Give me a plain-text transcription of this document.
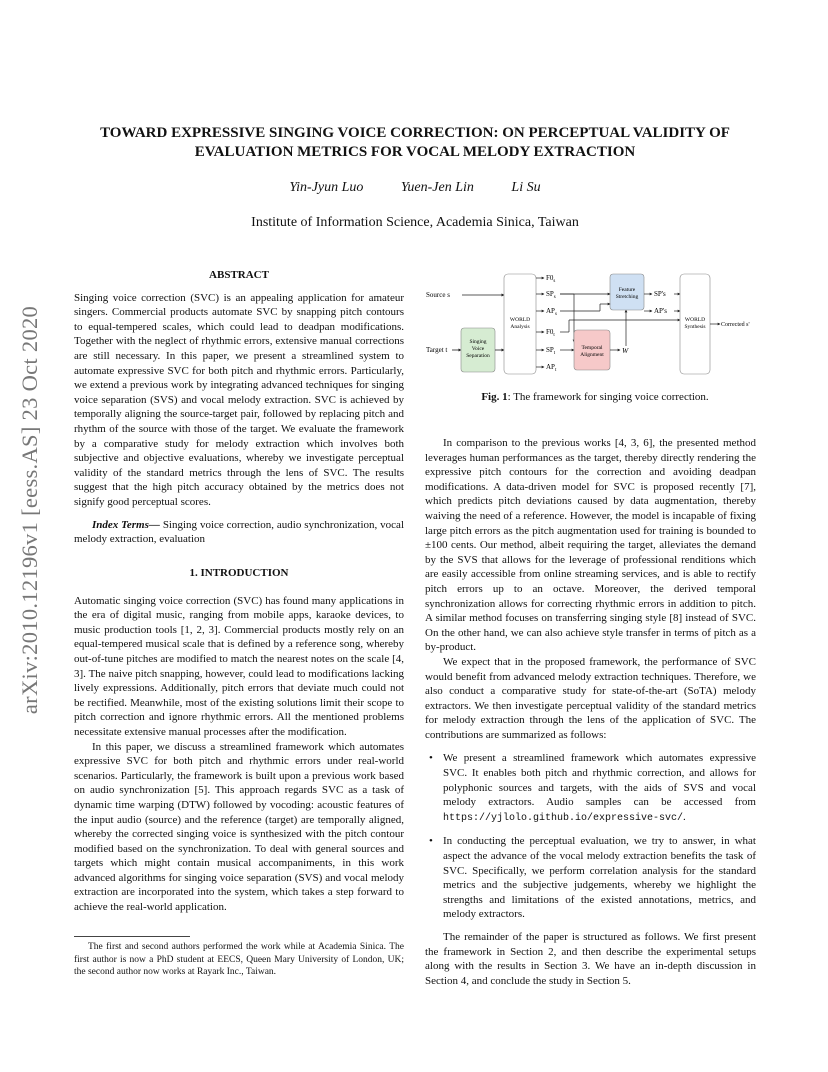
arXiv:2010.12196v1 [eess.AS] 23 Oct 2020
TOWARD EXPRESSIVE SINGING VOICE CORRECTION: ON PERCEPTUAL VALIDITY OF
EVALUATION METRICS FOR VOCAL MELODY EXTRACTION
Yin-Jyun Luo	Yuen-Jen Lin	Li Su
Institute of Information Science, Academia Sinica, Taiwan
ABSTRACT

Singing voice correction (SVC) is an appealing application for amateur singers. Commercial products automate SVC by snapping pitch contours to equal-tempered scales, which could lead to deadpan modifications. Together with the neglect of rhythmic errors, extensive manual corrections are still necessary. In this paper, we present a streamlined system to automate expressive SVC for both pitch and rhythmic errors. Particularly, we extend a previous work by integrating advanced techniques for singing voice separation (SVS) and vocal melody extraction. SVC is achieved by temporally aligning the source-target pair, followed by replacing pitch and rhythm of the source with those of the target. We evaluate the framework by a comparative study for melody extraction which involves both subjective and objective evaluations, whereby we investigate perceptual validity of the standard metrics through the lens of SVC. The results suggest that the high pitch accuracy obtained by the metrics does not signify good perceptual scores.

Index Terms— Singing voice correction, audio synchronization, vocal melody extraction, evaluation

1. INTRODUCTION

Automatic singing voice correction (SVC) has found many applications in the era of digital music, ranging from mobile apps, karaoke devices, to music production tools [1, 2, 3]. Commercial products mostly rely on an equal-tempered musical scale that is defined by a reference song, whereby out-of-tune pitches are modified to match the nearest notes on the scale [4, 3]. The naive pitch snapping, however, could lead to modifications lacking lively expressions. Additionally, pitch errors that deviate much could not be rectified. Meanwhile, most of the existing solutions limit their scope to pitch correction and ignore rhythmic errors. All the mentioned problems necessitate extensive manual processes after the modification.

In this paper, we discuss a streamlined framework which automates expressive SVC for both pitch and rhythmic errors under real-world scenarios. Particularly, the framework is built upon a previous work based on audio synchronization [5]. This approach regards SVC as a task of dynamic time warping (DTW) followed by vocoding: acoustic features of the input audio (source) and the reference (target) are temporally aligned, whereby the corrected singing voice is synthesized with the pitch contour modified based on the synchronization. To deal with general sources and targets which might contain musical accompaniments, in this work advanced algorithms for singing voice separation (SVS) and vocal melody extraction are incorporated into the system, which takes a step forward to achieve the real-world application.

The first and second authors performed the work while at Academia Sinica. The first author is now a PhD student at EECS, Queen Mary University of London, UK; the second author now works at Rayark Inc., Taiwan.

Source s
Target t
Singing
Voice
Separation
WORLD
Analysis
$F0_s$
$SP_s$
$AP_s$
$F0_t$
$SP_t$
$AP_t$
Temporal
Alignment W
Feature
Stretching SP's
AP's
WORLD
Synthesis	Corrected s'
Fig. 1: The framework for singing voice correction.

In comparison to the previous works [4, 3, 6], the presented method leverages human performances as the target, thereby directly rendering the expressive pitch contours for the correction and avoiding deadpan modifications. A data-driven model for SVC is proposed recently [7], which predicts pitch deviations caused by data augmentation, thereby waiving the need of a reference. However, the model is incapable of fixing large pitch errors as the pitch augmentation used for training is bounded to ±100 cents. Our method, albeit requiring the target, alleviates the demand by the SVS that allows for the leverage of professional renditions which are easily accessible from online streaming services, and is able to rectify pitch errors up to an octave. Moreover, the derived temporal synchronization allows for correcting rhythmic errors in addition to pitch. A similar method focuses on transferring singing style [8] instead of SVC. On the other hand, we can also achieve style transfer in terms of pitch as a by-product.

We expect that in the proposed framework, the performance of SVC would benefit from advanced melody extraction techniques. Therefore, we also conduct a comparative study for state-of-the-art (SoTA) melody extractors. We then investigate perceptual validity of the standard metrics for melody extraction through the lens of the application of SVC. The contributions are summarized as follows:

• We present a streamlined framework which automates expressive SVC. It enables both pitch and rhythmic correction, and allows for polyphonic sources and targets, with the aids of SVS and vocal melody extractors. Audio samples can be accessed from https://yjlolo.github.io/expressive-svc/.
• In conducting the perceptual evaluation, we try to answer, in what aspect the advance of the vocal melody extraction benefits the task of SVC. Specifically, we perform correlation analysis for the standard metrics and the subjective judgements, whereby we highlight the strengths and limitations of the existed annotations, metrics, and melody extractors.

The remainder of the paper is structured as follows. We first present the framework in Section 2, and then describe the experimental setups along with the results in Section 3. We have an in-depth discussion in Section 4, and conclude the study in Section 5.
